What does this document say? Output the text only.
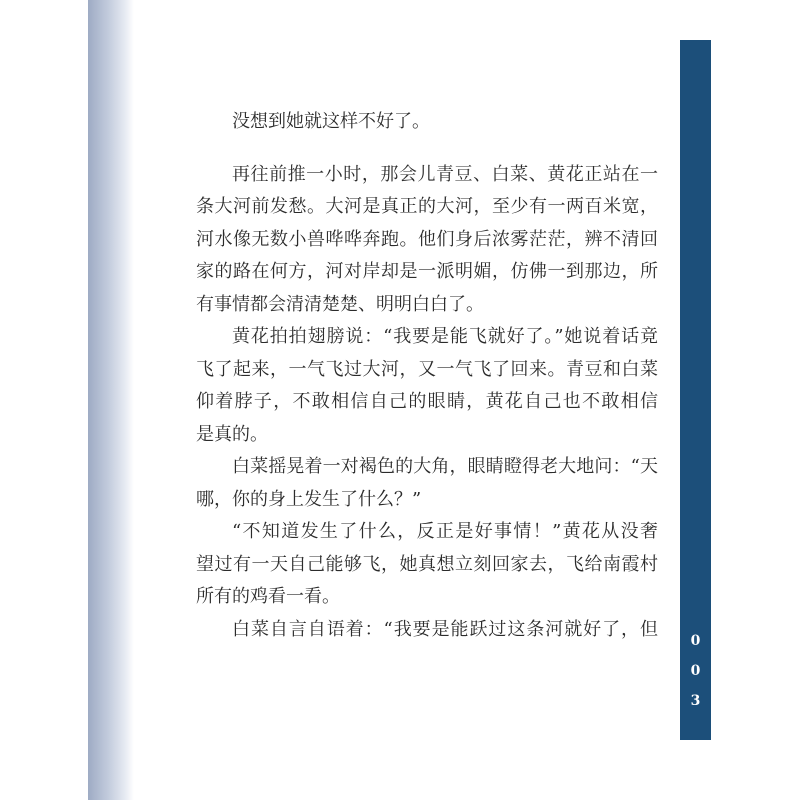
没想到她就这样不好了。
再往前推一小时，那会儿青豆、白菜、黄花正站在一
条大河前发愁。大河是真正的大河，至少有一两百米宽，
河水像无数小兽哗哗奔跑。他们身后浓雾茫茫，辨不清回
家的路在何方，河对岸却是一派明媚，仿佛一到那边，所
有事情都会清清楚楚、明明白白了。
黄花拍拍翅膀说：“我要是能飞就好了。”她说着话竟
飞了起来，一气飞过大河，又一气飞了回来。青豆和白菜
仰着脖子，不敢相信自己的眼睛，黄花自己也不敢相信
是真的。
白菜摇晃着一对褐色的大角，眼睛瞪得老大地问：“天
哪，你的身上发生了什么？”
“不知道发生了什么，反正是好事情！”黄花从没奢
望过有一天自己能够飞，她真想立刻回家去，飞给南霞村
所有的鸡看一看。
白菜自言自语着：“我要是能跃过这条河就好了，但
0
0
3
